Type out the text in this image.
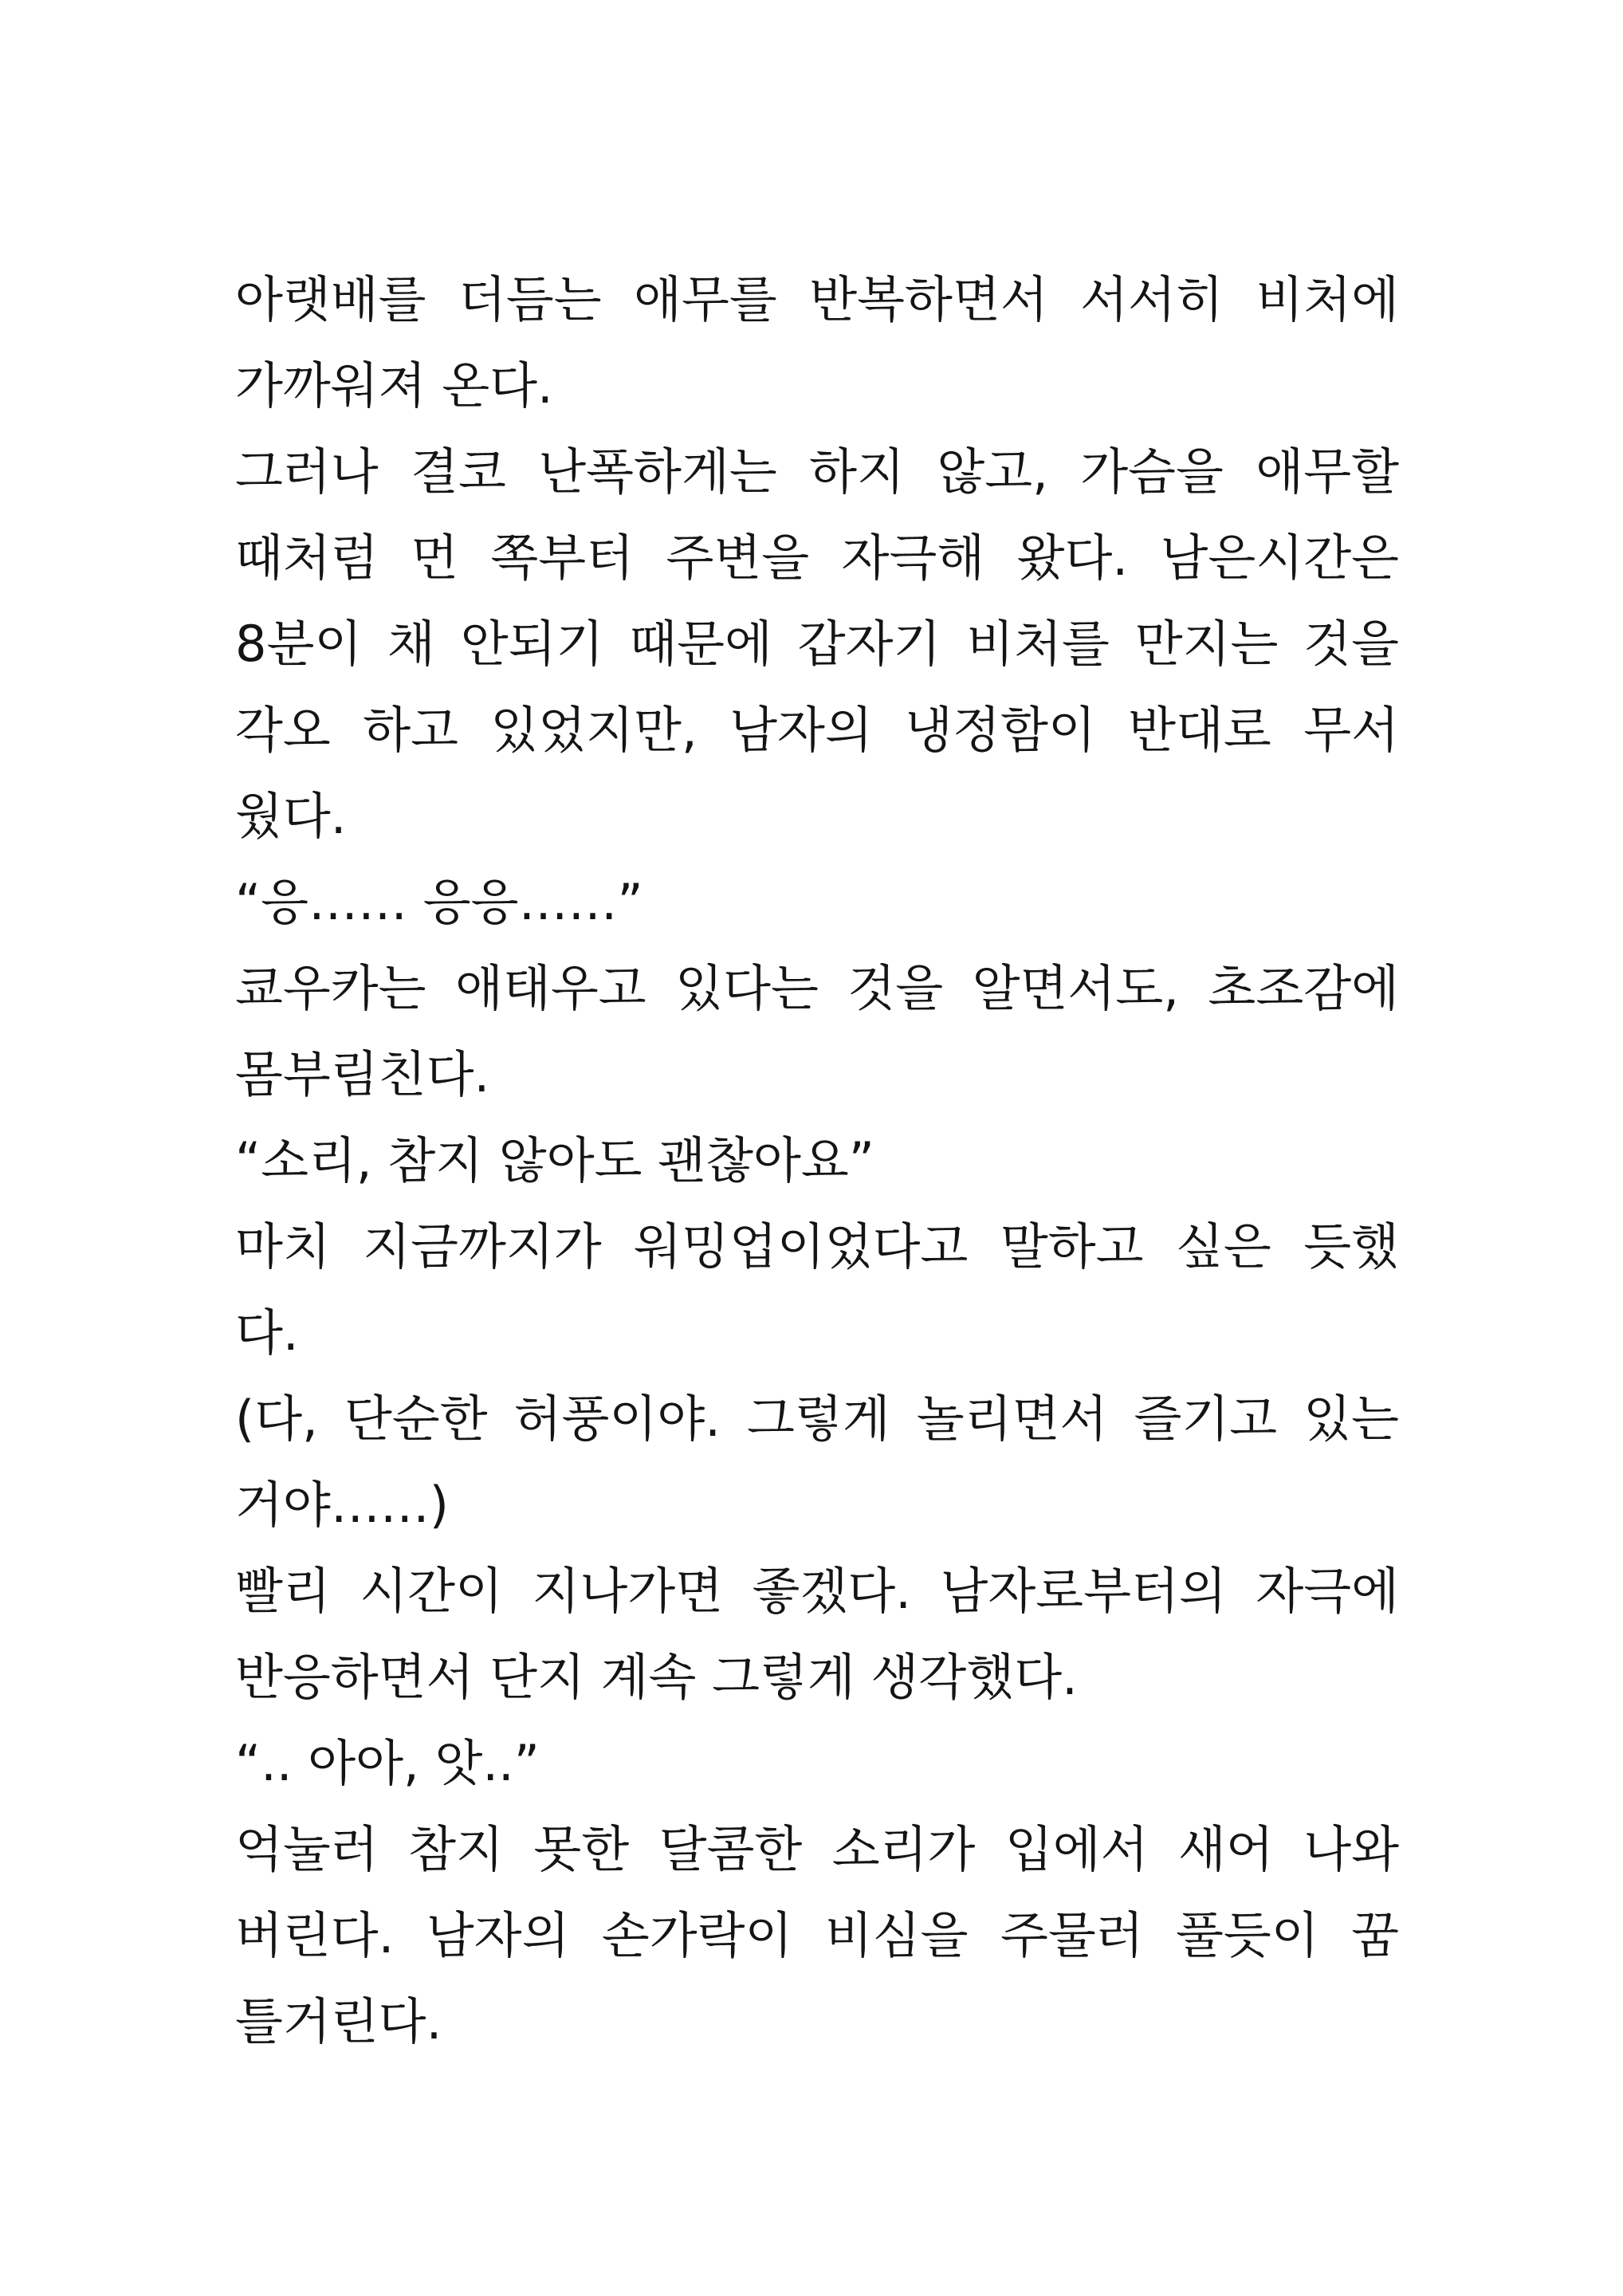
아랫배를 더듬는 애무를 반복하면서 서서히 비처에
가까워져 온다.
그러나 결코 난폭하게는 하지 않고, 가슴을 애무할
때처럼 먼 쪽부터 주변을 자극해 왔다. 남은시간은
8분이 채 안되기 때문에 갑자기 비처를 만지는 것을
각오 하고 있었지만, 남자의 냉정함이 반대로 무서
웠다.
“응…… 응응……”
쿄우카는 애태우고 있다는 것을 알면서도, 초조감에
몸부림친다.
“소리, 참지 않아도 괜찮아요”
마치 지금까지가 워밍업이었다고 말하고 싶은 듯했
다.
(다, 단순한 허풍이야. 그렇게 놀리면서 즐기고 있는
거야……)
빨리 시간이 지나가면 좋겠다. 남자로부터의 자극에
반응하면서 단지 계속 그렇게 생각했다.
“.. 아아, 앗..”
억눌러 참지 못한 달콤한 소리가 입에서 새어 나와
버린다. 남자의 손가락이 비심을 주물러 풀듯이 꿈
틀거린다.
